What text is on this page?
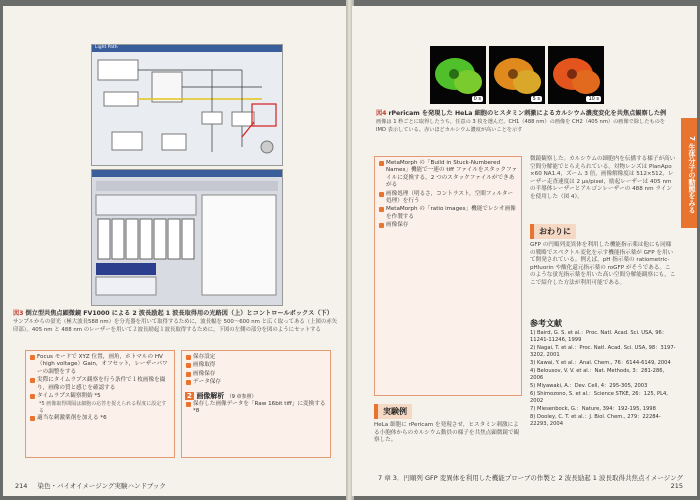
Light Path
図3 倒立型共焦点顕微鏡 FV1000 による 2 波長励起 1 波長取得用の光路図（上）とコントロールボックス（下）
サンプルからの蛍光（極大波長588 nm）を分光器を用いて取得するために，波長幅を 500〜600 nm と広く取ってある（上図の赤矢印部）。405 nm と 488 nm のレーザーを用いて２波長励起１波長取得するために，下図の左側の部分を図のようにセットする
Focus モードで XYZ 位置，画角，ホトマルの HV（high voltage）Gain，オフセット，レーザーパワーの調整をする
実際にタイムラプス観察を行う条件で１枚画像を撮り，画像の質と感じを確認する
タイムラプス観察開始 *5
*5 画像取得間隔は細胞の応答を捉えられる程度に設定する
適当な刺激薬剤を加える *6
保存設定
画像取得
画像保存
データ保存
2 画像解析 （9 章参照）
保存した画像データを「Raw 16bit tiff」に変換する *8
214 染色・バイオイメージング実験ハンドブック
0 s	5 s	10 s
図4 rPericam を発現した HeLa 細胞のヒスタミン刺激によるカルシウム濃度変化を共焦点観察した例
画像は 1 秒ごとに取得したうち，任意の 3 枚を選んだ。CH1（488 nm）の画像を CH2（405 nm）の画像で除したものを IMD 表示している。赤いほどカルシウム濃度が高いことを示す
MetaMorph の「Build in Stuck-Numbered Names」機能で一連の tiff ファイルをスタックファイルに変換する，2 つのスタックファイルができあがる
画像処理（明るさ，コントラスト，空間フィルター処理）を行う
MetaMorph の「ratio images」機能でレシオ画像を作製する
画像保存
実験例
HeLa 細胞に rPericam を発現させ，ヒスタミン刺激による小胞体からのカルシウム動員の様子を共焦点顕微鏡で観察した。
微鏡観察した。カルシウムの細胞内を伝播する様子が高い空間分解能でとらえられている。対物レンズは PlanApo ×60 NA1.4，ズーム 3 倍，画像解像度は 512×512，レーザー走査速度は 2 μs/pixel，励起レーザーは 405 nm の半導体レーザーとアルゴンレーザーの 488 nm ラインを使用した（図 4）。
おわりに
GFP の円順列変異体を利用した機能指示薬は他にも同様の戦略でスペクトル変化を示す機能指示薬が GFP を用いて開発されている。例えば，pH 指示薬の ratiometric-pHluorin や酸化還元指示薬の roGFP がそうである。このような蛍光指示薬を用いた高い空間分解能観察にも，ここで紹介した方法が利用可能である。
参考文献
1) Baird, G. S. et al.：Proc. Natl. Acad. Sci. USA, 96：11241-11246, 1999
2) Nagai, T. et al.：Proc. Natl. Acad. Sci. USA, 98：3197-3202, 2001
3) Kawai, Y. et al.：Anal. Chem., 76：6144-6149, 2004
4) Belousov, V. V. et al.：Nat. Methods, 3：281-286, 2006
5) Miyawaki, A.：Dev. Cell, 4：295-305, 2003
6) Shimozono, S. et al.：Science STKE, 26：125, PL4, 2002
7) Miesenbock, G.：Nature, 394：192-195, 1998
8) Dooley, C. T. et al.：J. Biol. Chem., 279：22284-22293, 2004
7 生体分子の動態をみる
7 章 3．円順列 GFP 変異体を利用した機能プローブの作製と 2 波長励起 1 波長取得共焦点イメージング 215
